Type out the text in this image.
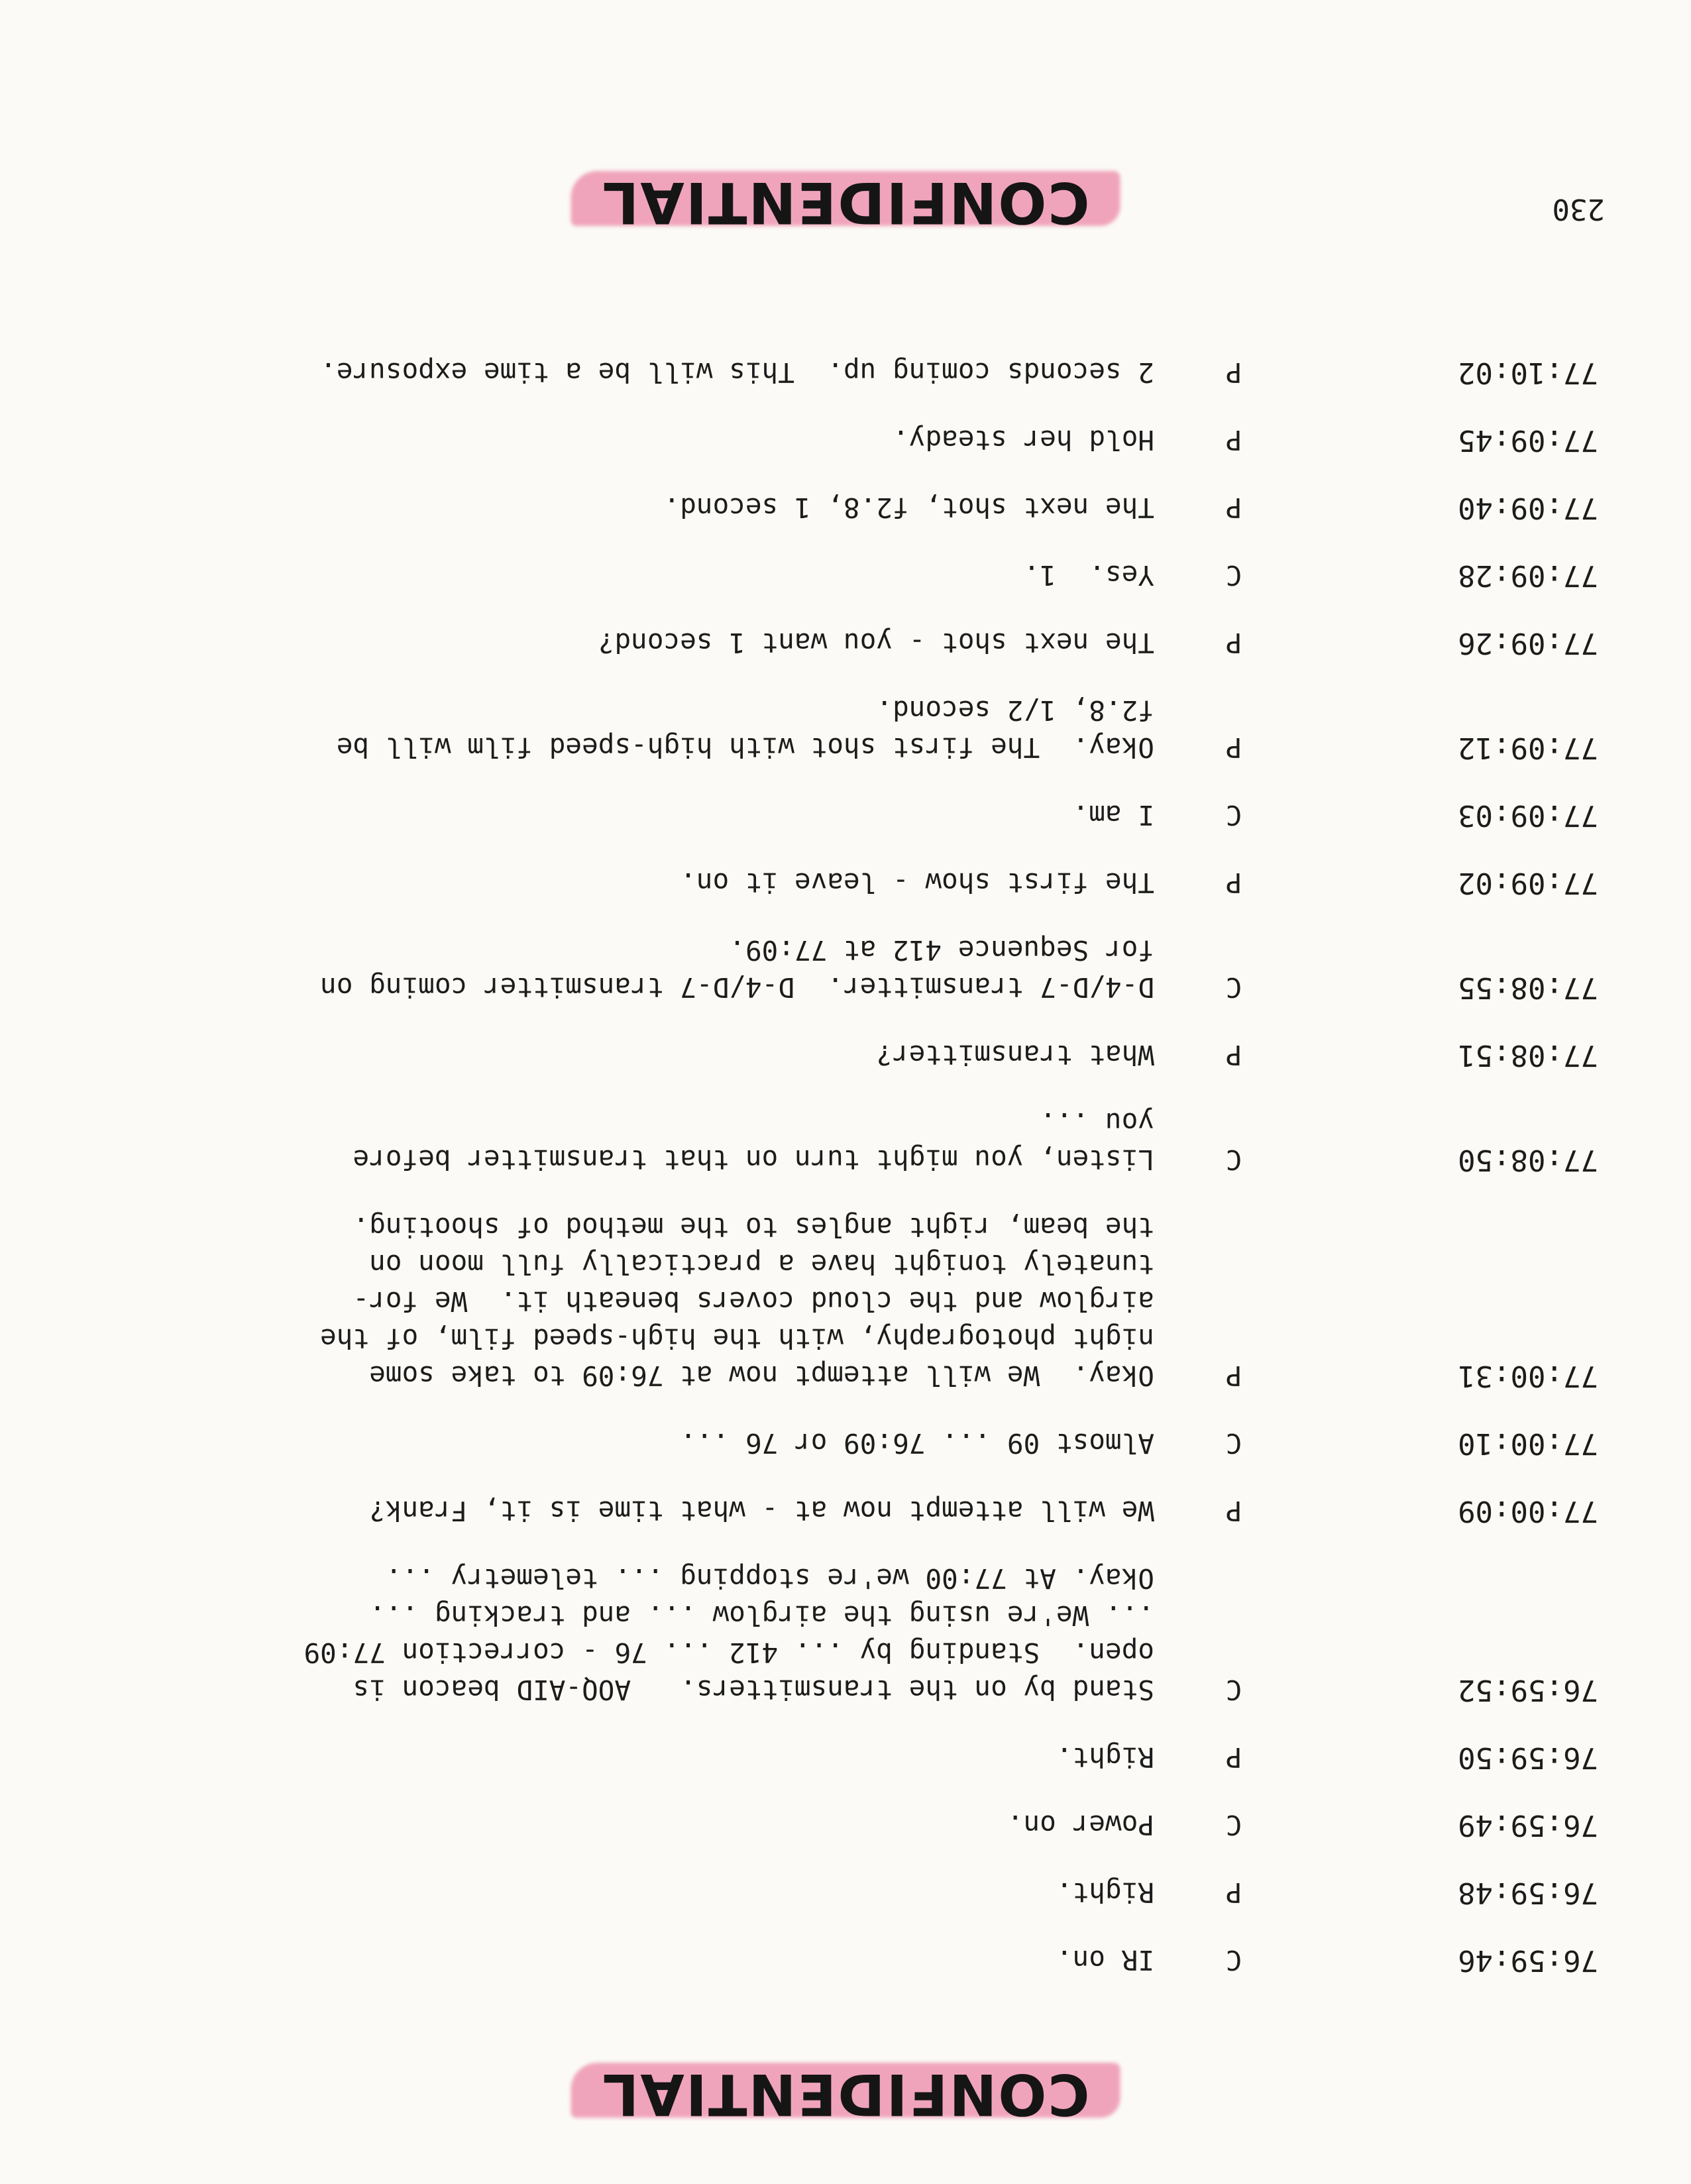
CONFIDENTIAL
230
76:59:46
C
IR on.
76:59:48
P
Right.
76:59:49
C
Power on.
76:59:50
P
Right.
76:59:52
C
Stand by on the transmitters.   AOQ-AID beacon is
open.  Standing by ... 412 ... 76 - correction 77:09
... We're using the airglow ... and tracking ...
Okay. At 77:00 we're stopping ... telemetry ...
77:00:09
P
We will attempt now at - what time is it, Frank?
77:00:10
C
Almost 09 ... 76:09 or 76 ...
77:00:31
P
Okay.  We will attempt now at 76:09 to take some
night photography, with the high-speed film, of the
airglow and the cloud covers beneath it.  We for-
tunately tonight have a practically full moon on
the beam, right angles to the method of shooting.
77:08:50
C
Listen, you might turn on that transmitter before
you ...
77:08:51
P
What transmitter?
77:08:55
C
D-4/D-7 transmitter.  D-4/D-7 transmitter coming on
for Sequence 412 at 77:09.
77:09:02
P
The first show - leave it on.
77:09:03
C
I am.
77:09:12
P
Okay.  The first shot with high-speed film will be
f2.8, 1/2 second.
77:09:26
P
The next shot - you want 1 second?
77:09:28
C
Yes.  1.
77:09:40
P
The next shot, f2.8, 1 second.
77:09:45
P
Hold her steady.
77:10:02
P
2 seconds coming up.  This will be a time exposure.
CONFIDENTIAL
